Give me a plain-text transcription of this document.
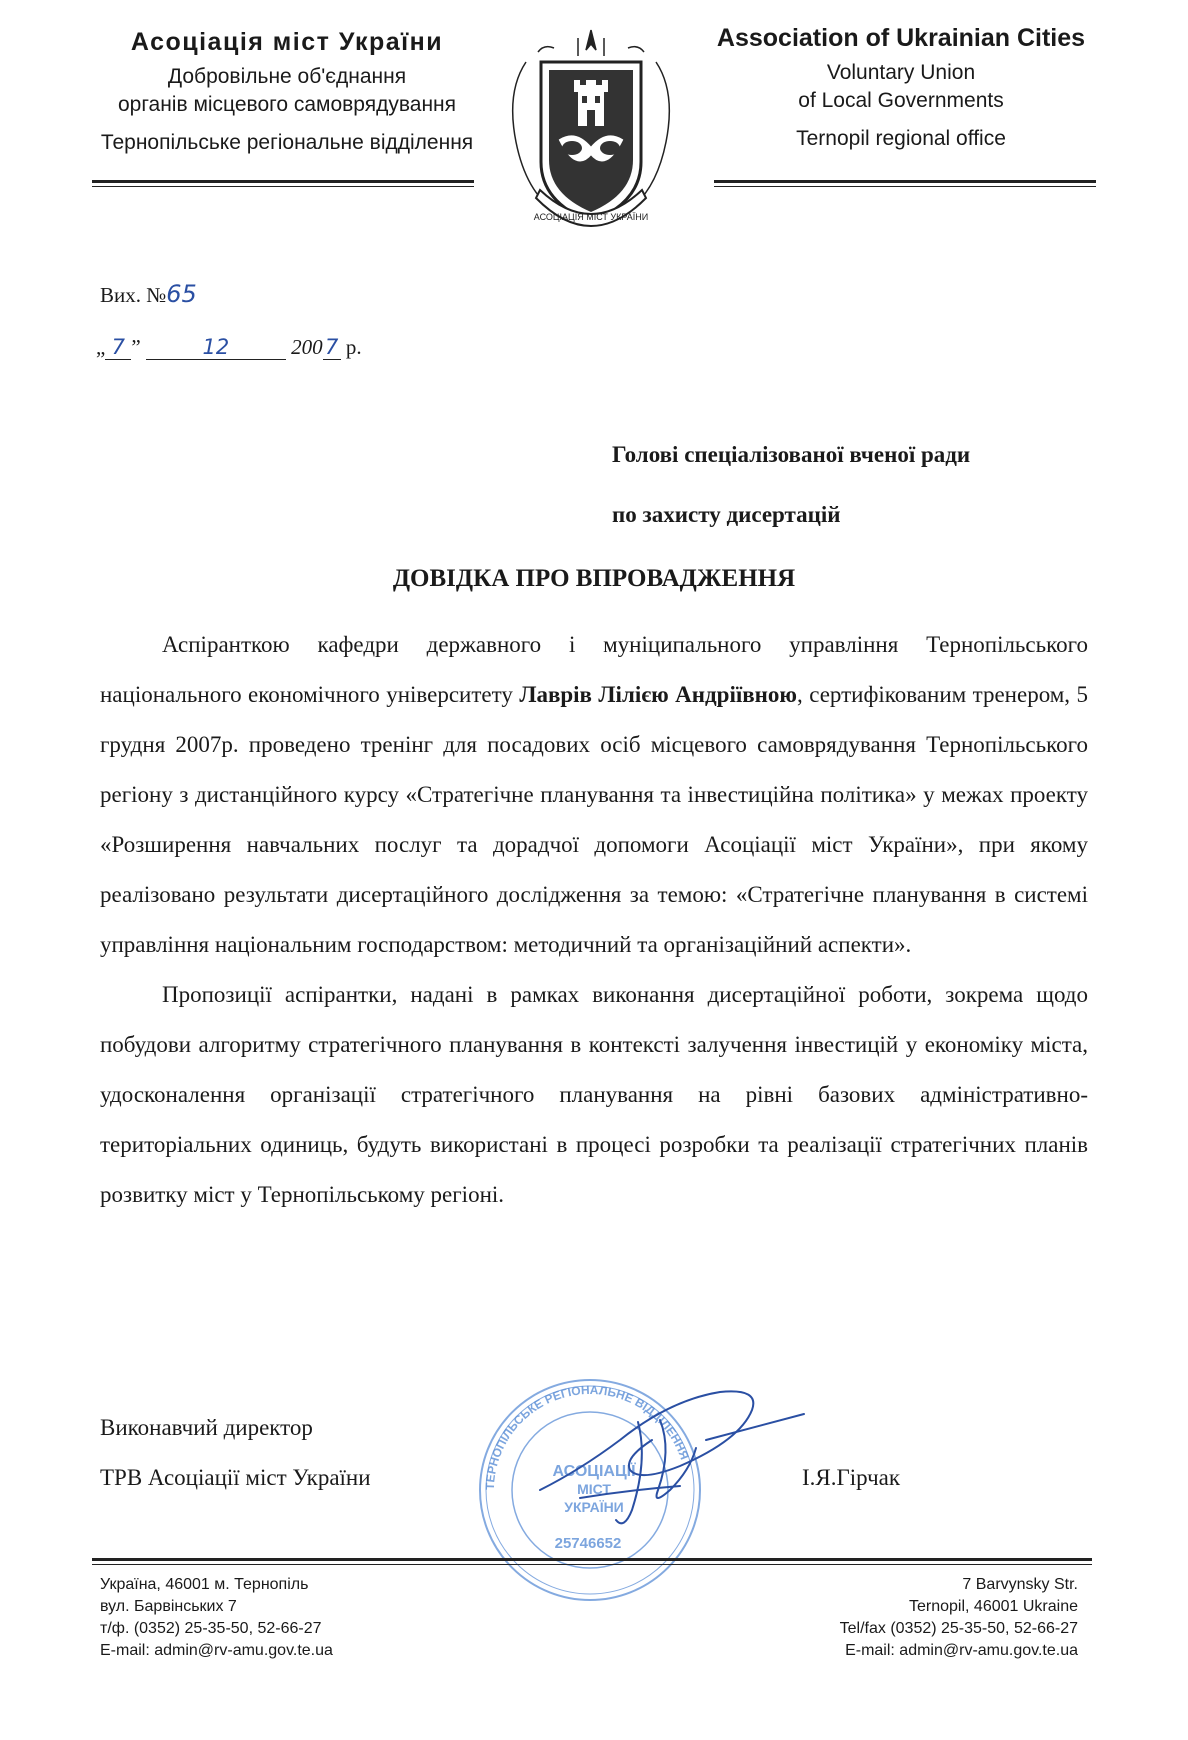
Асоціація міст України
Добровільне об'єднання
органів місцевого самоврядування
Тернопільське регіональне відділення
Association of Ukrainian Cities
Voluntary Union
of Local Governments
Ternopil regional office
АСОЦІАЦІЯ МІСТ УКРАЇНИ
Вих. №65
„ 7 ”	12	200 7 р.
Голові спеціалізованої вченої ради
по захисту дисертацій
ДОВІДКА ПРО ВПРОВАДЖЕННЯ

Аспіранткою кафедри державного і муніципального управління Тернопільського національного економічного університету Лаврів Лілією Андріївною, сертифікованим тренером, 5 грудня 2007р. проведено тренінг для посадових осіб місцевого самоврядування Тернопільського регіону з дистанційного курсу «Стратегічне планування та інвестиційна політика» у межах проекту «Розширення навчальних послуг та дорадчої допомоги Асоціації міст України», при якому реалізовано результати дисертаційного дослідження за темою: «Стратегічне планування в системі управління національним господарством: методичний та організаційний аспекти».

Пропозиції аспірантки, надані в рамках виконання дисертаційної роботи, зокрема щодо побудови алгоритму стратегічного планування в контексті залучення інвестицій у економіку міста, удосконалення організації стратегічного планування на рівні базових адміністративно-територіальних одиниць, будуть використані в процесі розробки та реалізації стратегічних планів розвитку міст у Тернопільському регіоні.

Виконавчий директор
ТРВ Асоціації міст України	ТЕРНОПІЛЬСЬКЕ РЕГІОНАЛЬНЕ ВІДДІЛЕННЯ
АСОЦІАЦІЇ
МІСТ
УКРАЇНИ
25746652
І.Я.Гірчак
Україна, 46001 м. Тернопіль
вул. Барвінських 7
т/ф. (0352) 25-35-50, 52-66-27
E-mail: admin@rv-amu.gov.te.ua
7 Barvynsky Str.
Ternopil, 46001 Ukraine
Tel/fax (0352) 25-35-50, 52-66-27
E-mail: admin@rv-amu.gov.te.ua
